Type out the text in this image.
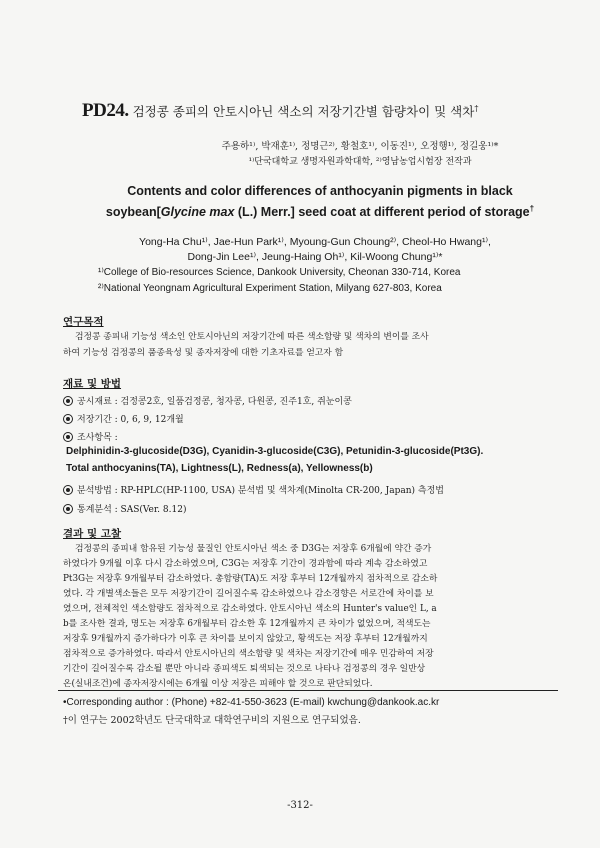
PD24. 검정콩 종피의 안토시아닌 색소의 저장기간별 함량차이 및 색차†
주용하¹⁾, 박재훈¹⁾, 정명근²⁾, 황철호¹⁾, 이동진¹⁾, 오정행¹⁾, 정길웅¹⁾*
¹⁾단국대학교 생명자원과학대학, ²⁾영남농업시험장 전작과
Contents and color differences of anthocyanin pigments in black
soybean[Glycine max (L.) Merr.] seed coat at different period of storage†
Yong-Ha Chu¹⁾, Jae-Hun Park¹⁾, Myoung-Gun Choung²⁾, Cheol-Ho Hwang¹⁾,
Dong-Jin Lee¹⁾, Jeung-Haing Oh¹⁾, Kil-Woong Chung¹⁾*
¹⁾College of Bio-resources Science, Dankook University, Cheonan 330-714, Korea
²⁾National Yeongnam Agricultural Experiment Station, Milyang 627-803, Korea
연구목적
검정콩 종피내 기능성 색소인 안토시아닌의 저장기간에 따른 색소함량 및 색차의 변이를 조사
하여 기능성 검정콩의 품종육성 및 종자저장에 대한 기초자료를 얻고자 함
재료 및 방법
공시재료 : 검정콩2호, 일품검정콩, 청자콩, 다원콩, 진주1호, 쥐눈이콩
저장기간 : 0, 6, 9, 12개월
조사항목 :
Delphinidin-3-glucoside(D3G), Cyanidin-3-glucoside(C3G), Petunidin-3-glucoside(Pt3G).
Total anthocyanins(TA), Lightness(L), Redness(a), Yellowness(b)
분석방법 : RP-HPLC(HP-1100, USA) 분석법 및 색차계(Minolta CR-200, Japan) 측정법
통계분석 : SAS(Ver. 8.12)
결과 및 고찰
검정콩의 종피내 함유된 기능성 물질인 안토시아닌 색소 중 D3G는 저장후 6개월에 약간 증가
하였다가 9개월 이후 다시 감소하였으며, C3G는 저장후 기간이 경과함에 따라 계속 감소하였고
Pt3G는 저장후 9개월부터 감소하였다. 총함량(TA)도 저장 후부터 12개월까지 점차적으로 감소하
였다. 각 개별색소들은 모두 저장기간이 길어질수록 감소하였으나 감소경향은 서로간에 차이를 보
였으며, 전체적인 색소함량도 점차적으로 감소하였다. 안토시아닌 색소의 Hunter's value인 L, a
b를 조사한 결과, 명도는 저장후 6개월부터 감소한 후 12개월까지 큰 차이가 없었으며, 적색도는
저장후 9개월까지 증가하다가 이후 큰 차이를 보이지 않았고, 황색도는 저장 후부터 12개월까지
점차적으로 증가하였다. 따라서 안토시아닌의 색소함량 및 색차는 저장기간에 매우 민감하여 저장
기간이 길어질수록 감소될 뿐만 아니라 종피색도 퇴색되는 것으로 나타나 검정콩의 경우 일반상
온(실내조건)에 종자저장시에는 6개월 이상 저장은 피해야 할 것으로 판단되었다.
•Corresponding author : (Phone) +82-41-550-3623 (E-mail) kwchung@dankook.ac.kr
†이 연구는 2002학년도 단국대학교 대학연구비의 지원으로 연구되었음.
-312-
